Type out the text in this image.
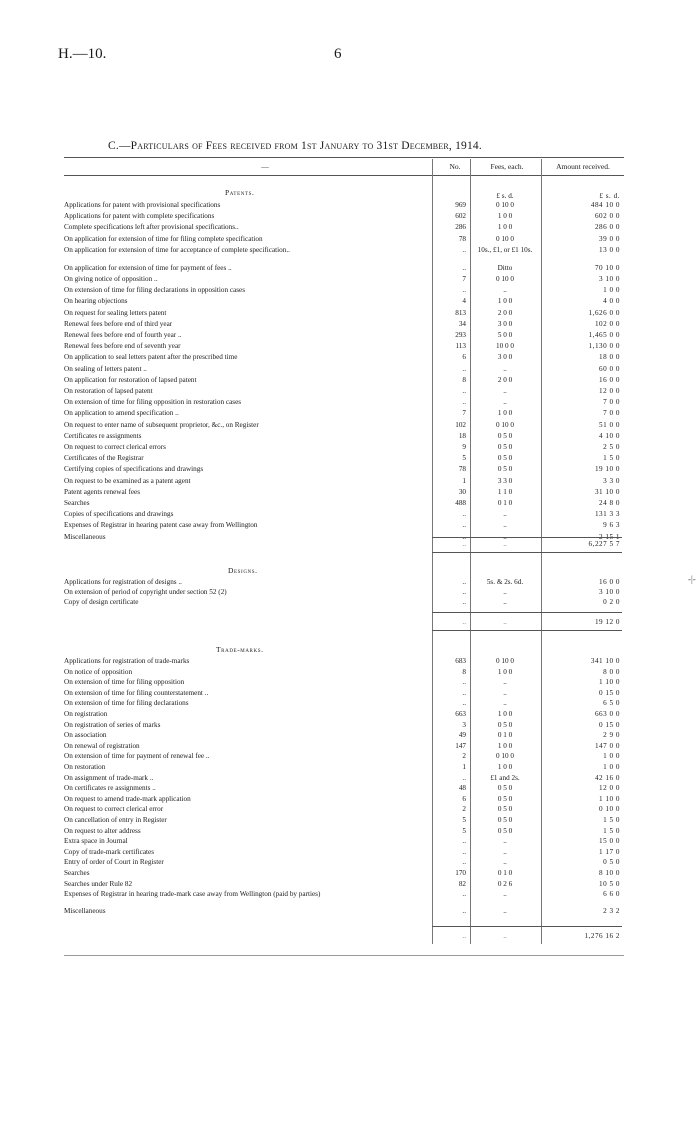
H.—10.	6
C.—Particulars of Fees received from 1st January to 31st December, 1914.
—	No.	Fees, each.	Amount received.
Patents.	£ s. d.	£ s. d.
Applications for patent with provisional specifications	969	0 10 0	484 10 0
Applications for patent with complete specifications	602	1 0 0	602 0 0
Complete specifications left after provisional specifications..	286	1 0 0	286 0 0
On application for extension of time for filing complete specification	78	0 10 0	39 0 0
On application for extension of time for acceptance of complete specification..	..	10s., £1, or £1 10s.	13 0 0
On application for extension of time for payment of fees ..	..	Ditto	70 10 0
On giving notice of opposition ..	7	0 10 0	3 10 0
On extension of time for filing declarations in opposition cases	..	..	1 0 0
On hearing objections	4	1 0 0	4 0 0
On request for sealing letters patent	813	2 0 0	1,626 0 0
Renewal fees before end of third year	34	3 0 0	102 0 0
Renewal fees before end of fourth year ..	293	5 0 0	1,465 0 0
Renewal fees before end of seventh year	113	10 0 0	1,130 0 0
On application to seal letters patent after the prescribed time	6	3 0 0	18 0 0
On sealing of letters patent ..	..	..	60 0 0
On application for restoration of lapsed patent	8	2 0 0	16 0 0
On restoration of lapsed patent	..	..	12 0 0
On extension of time for filing opposition in restoration cases	..	..	7 0 0
On application to amend specification ..	7	1 0 0	7 0 0
On request to enter name of subsequent proprietor, &c., on Register	102	0 10 0	51 0 0
Certificates re assignments	18	0 5 0	4 10 0
On request to correct clerical errors	9	0 5 0	2 5 0
Certificates of the Registrar	5	0 5 0	1 5 0
Certifying copies of specifications and drawings	78	0 5 0	19 10 0
On request to be examined as a patent agent	1	3 3 0	3 3 0
Patent agents renewal fees	30	1 1 0	31 10 0
Searches	488	0 1 0	24 8 0
Copies of specifications and drawings	..	..	131 3 3
Expenses of Registrar in hearing patent case away from Wellington	..	..	9 6 3
Miscellaneous	..	..	2 15 1
..	..	6,227 5 7
Designs.
Applications for registration of designs ..	..	5s. & 2s. 6d.	16 0 0
On extension of period of copyright under section 52 (2)	..	..	3 10 0
Copy of design certificate	..	..	0 2 0
..	..	19 12 0
Trade-marks.
Applications for registration of trade-marks	683	0 10 0	341 10 0
On notice of opposition	8	1 0 0	8 0 0
On extension of time for filing opposition	..	..	1 10 0
On extension of time for filing counterstatement ..	..	..	0 15 0
On extension of time for filing declarations	..	..	6 5 0
On registration	663	1 0 0	663 0 0
On registration of series of marks	3	0 5 0	0 15 0
On association	49	0 1 0	2 9 0
On renewal of registration	147	1 0 0	147 0 0
On extension of time for payment of renewal fee ..	2	0 10 0	1 0 0
On restoration	1	1 0 0	1 0 0
On assignment of trade-mark ..	..	£1 and 2s.	42 16 0
On certificates re assignments ..	48	0 5 0	12 0 0
On request to amend trade-mark application	6	0 5 0	1 10 0
On request to correct clerical error	2	0 5 0	0 10 0
On cancellation of entry in Register	5	0 5 0	1 5 0
On request to alter address	5	0 5 0	1 5 0
Extra space in Journal	..	..	15 0 0
Copy of trade-mark certificates	..	..	1 17 0
Entry of order of Court in Register	..	..	0 5 0
Searches	170	0 1 0	8 10 0
Searches under Rule 82	82	0 2 6	10 5 0
Expenses of Registrar in hearing trade-mark case away from Wellington (paid by parties)	..	..	6 6 0
Miscellaneous	..	..	2 3 2
..	..	1,276 16 2
-|-
